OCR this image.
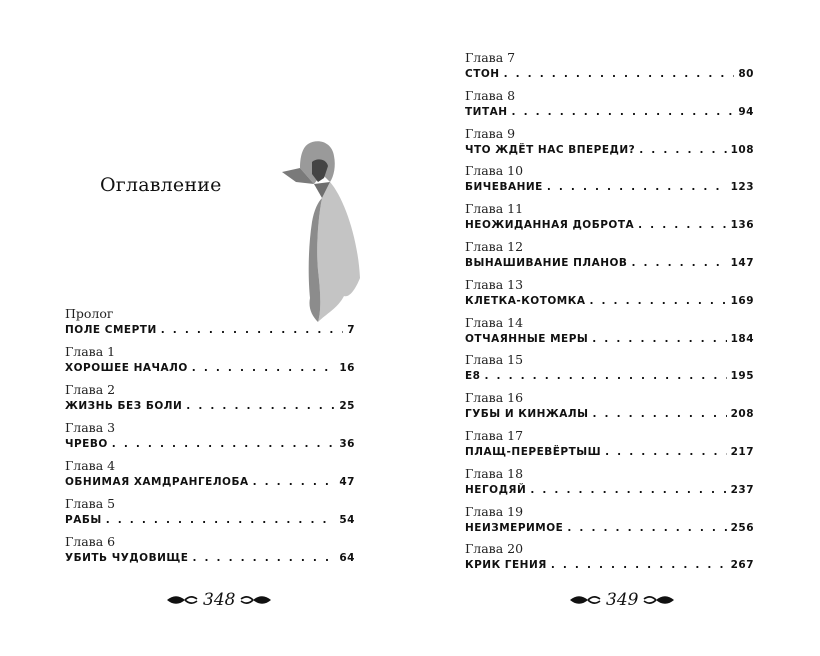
Оглавление
Пролог
ПОЛЕ СМЕРТИ . . .	7
Глава 1
ХОРОШЕЕ НАЧАЛО . . .	16
Глава 2
ЖИЗНЬ БЕЗ БОЛИ . . .	25
Глава 3
ЧРЕВО . . .	36
Глава 4
ОБНИМАЯ ХАМДРАНГЕЛОБА . . .	47
Глава 5
РАБЫ . . .	54
Глава 6
УБИТЬ ЧУДОВИЩЕ . . .	64
348
Глава 7
СТОН . . .	80
Глава 8
ТИТАН . . .	94
Глава 9
ЧТО ЖДЁТ НАС ВПЕРЕДИ? . . .	108
Глава 10
БИЧЕВАНИЕ . . .	123
Глава 11
НЕОЖИДАННАЯ ДОБРОТА . . .	136
Глава 12
ВЫНАШИВАНИЕ ПЛАНОВ . . .	147
Глава 13
КЛЕТКА-КОТОМКА . . .	169
Глава 14
ОТЧАЯННЫЕ МЕРЫ . . .	184
Глава 15
Е8 . . .	195
Глава 16
ГУБЫ И КИНЖАЛЫ . . .	208
Глава 17
ПЛАЩ-ПЕРЕВЁРТЫШ . . .	217
Глава 18
НЕГОДЯЙ . . .	237
Глава 19
НЕИЗМЕРИМОЕ . . .	256
Глава 20
КРИК ГЕНИЯ . . .	267
349
